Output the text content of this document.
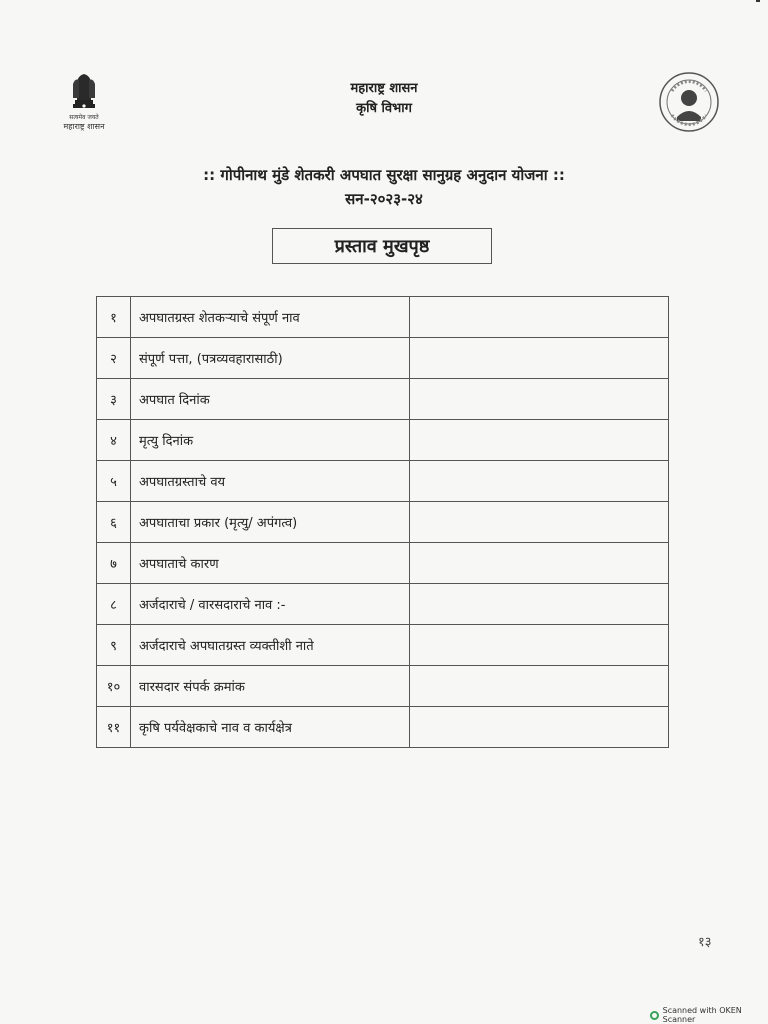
सत्यमेव जयते
महाराष्ट्र शासन
महाराष्ट्र शासन
कृषि विभाग
:: गोपीनाथ मुंडे शेतकरी अपघात सुरक्षा सानुग्रह अनुदान योजना ::
सन-२०२३-२४
प्रस्ताव मुखपृष्ठ
१	अपघातग्रस्त शेतकऱ्याचे संपूर्ण नाव	
२	संपूर्ण पत्ता, (पत्रव्यवहारासाठी)	
३	अपघात दिनांक	
४	मृत्यु दिनांक	
५	अपघातग्रस्ताचे वय	
६	अपघाताचा प्रकार (मृत्यु/ अपंगत्व)	
७	अपघाताचे कारण	
८	अर्जदाराचे / वारसदाराचे नाव :-	
९	अर्जदाराचे अपघातग्रस्त व्यक्तीशी नाते	
१०	वारसदार संपर्क क्रमांक	
११	कृषि पर्यवेक्षकाचे नाव व कार्यक्षेत्र	
१३
Scanned with OKEN Scanner
